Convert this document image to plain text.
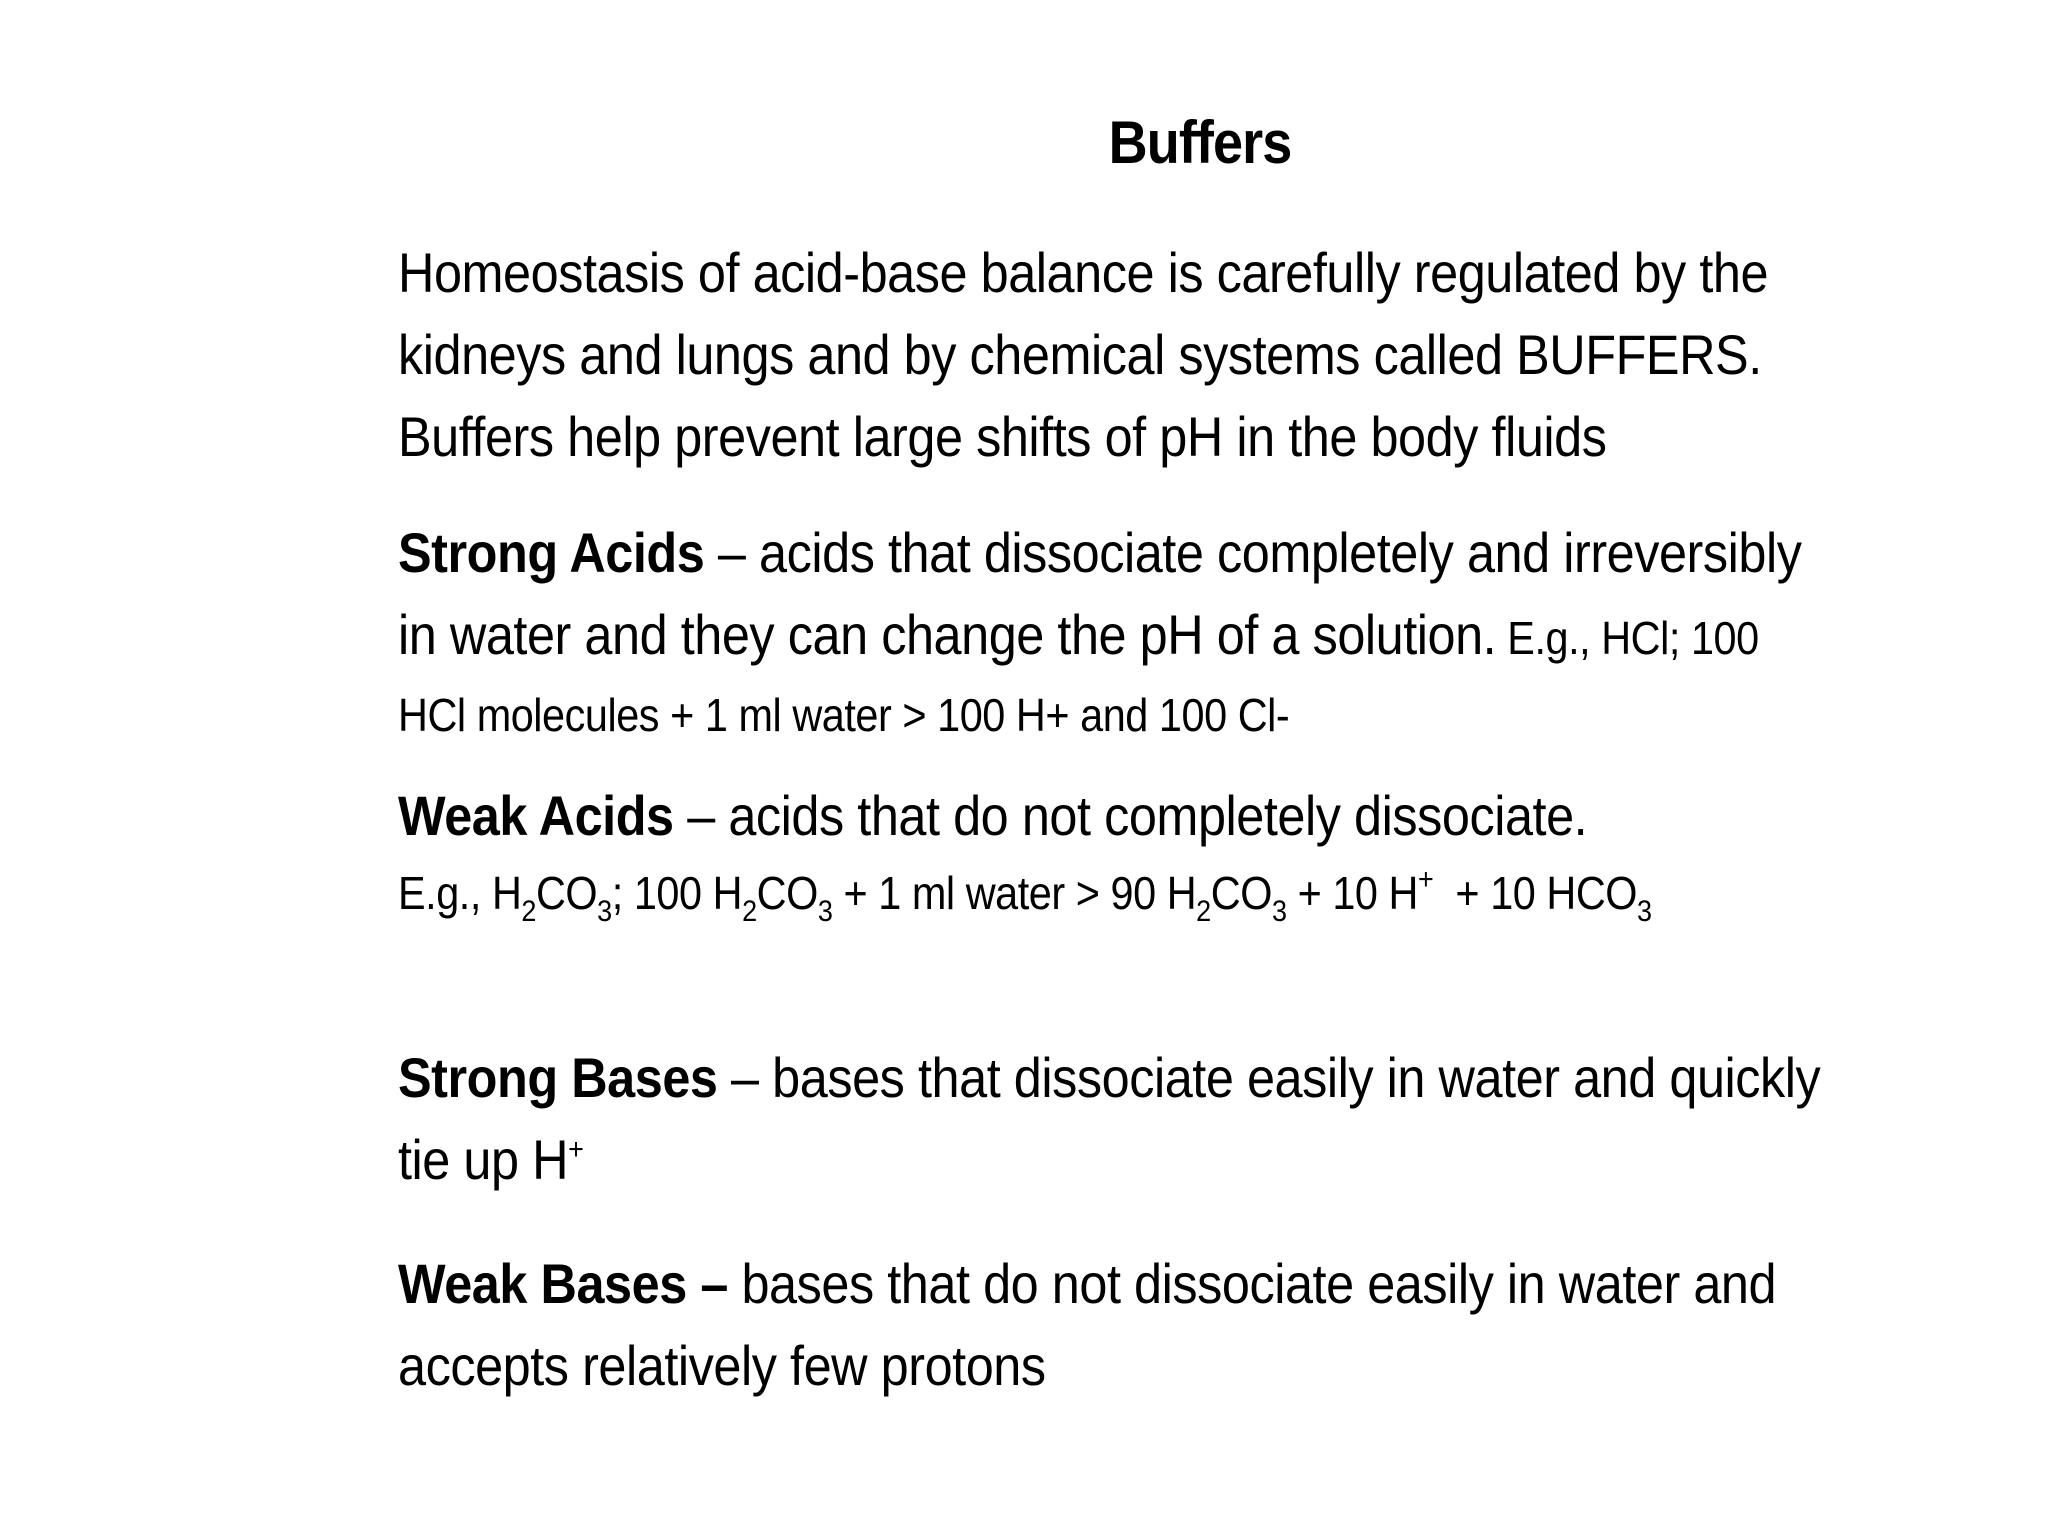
Buffers

Homeostasis of acid-base balance is carefully regulated by the
kidneys and lungs and by chemical systems called BUFFERS.
Buffers help prevent large shifts of pH in the body fluids

Strong Acids – acids that dissociate completely and irreversibly
in water and they can change the pH of a solution. E.g., HCl; 100
HCl molecules + 1 ml water > 100 H+ and 100 Cl-

Weak Acids – acids that do not completely dissociate.
E.g., $H_2CO_3$; 100 $H_2CO_3 + 1$ ml water > 90 $H_2CO_3 + 10$ H+  + 10 $HCO_3$

Strong Bases – bases that dissociate easily in water and quickly
tie up H+

Weak Bases – bases that do not dissociate easily in water and
accepts relatively few protons
